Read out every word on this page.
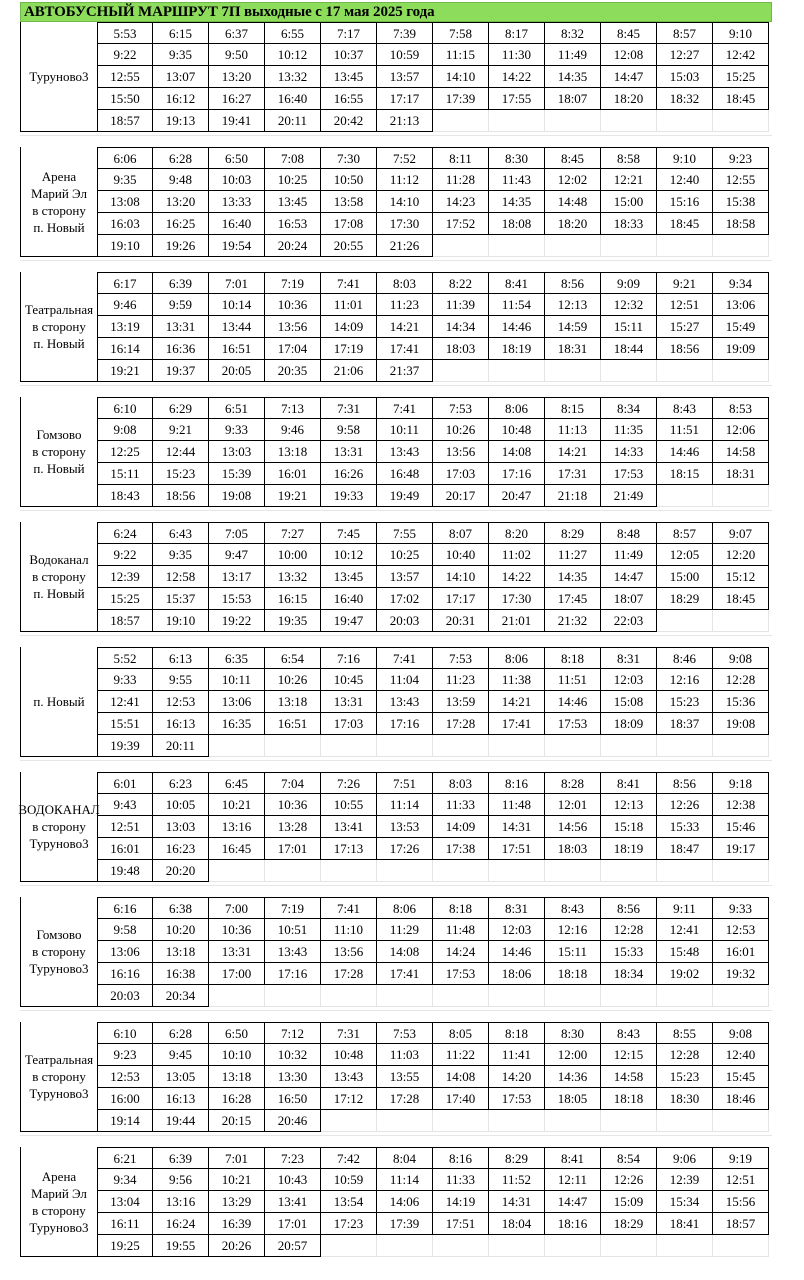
АВТОБУСНЫЙ МАРШРУТ 7П выходные с 17 мая 2025 года
Туруново3
5:53	6:15	6:37	6:55	7:17	7:39	7:58	8:17	8:32	8:45	8:57	9:10
9:22	9:35	9:50	10:12	10:37	10:59	11:15	11:30	11:49	12:08	12:27	12:42
12:55	13:07	13:20	13:32	13:45	13:57	14:10	14:22	14:35	14:47	15:03	15:25
15:50	16:12	16:27	16:40	16:55	17:17	17:39	17:55	18:07	18:20	18:32	18:45
18:57	19:13	19:41	20:11	20:42	21:13
Арена
Марий Эл
в сторону
п. Новый
6:06	6:28	6:50	7:08	7:30	7:52	8:11	8:30	8:45	8:58	9:10	9:23
9:35	9:48	10:03	10:25	10:50	11:12	11:28	11:43	12:02	12:21	12:40	12:55
13:08	13:20	13:33	13:45	13:58	14:10	14:23	14:35	14:48	15:00	15:16	15:38
16:03	16:25	16:40	16:53	17:08	17:30	17:52	18:08	18:20	18:33	18:45	18:58
19:10	19:26	19:54	20:24	20:55	21:26
Театральная
в сторону
п. Новый
6:17	6:39	7:01	7:19	7:41	8:03	8:22	8:41	8:56	9:09	9:21	9:34
9:46	9:59	10:14	10:36	11:01	11:23	11:39	11:54	12:13	12:32	12:51	13:06
13:19	13:31	13:44	13:56	14:09	14:21	14:34	14:46	14:59	15:11	15:27	15:49
16:14	16:36	16:51	17:04	17:19	17:41	18:03	18:19	18:31	18:44	18:56	19:09
19:21	19:37	20:05	20:35	21:06	21:37
Гомзово
в сторону
п. Новый
6:10	6:29	6:51	7:13	7:31	7:41	7:53	8:06	8:15	8:34	8:43	8:53
9:08	9:21	9:33	9:46	9:58	10:11	10:26	10:48	11:13	11:35	11:51	12:06
12:25	12:44	13:03	13:18	13:31	13:43	13:56	14:08	14:21	14:33	14:46	14:58
15:11	15:23	15:39	16:01	16:26	16:48	17:03	17:16	17:31	17:53	18:15	18:31
18:43	18:56	19:08	19:21	19:33	19:49	20:17	20:47	21:18	21:49
Водоканал
в сторону
п. Новый
6:24	6:43	7:05	7:27	7:45	7:55	8:07	8:20	8:29	8:48	8:57	9:07
9:22	9:35	9:47	10:00	10:12	10:25	10:40	11:02	11:27	11:49	12:05	12:20
12:39	12:58	13:17	13:32	13:45	13:57	14:10	14:22	14:35	14:47	15:00	15:12
15:25	15:37	15:53	16:15	16:40	17:02	17:17	17:30	17:45	18:07	18:29	18:45
18:57	19:10	19:22	19:35	19:47	20:03	20:31	21:01	21:32	22:03
п. Новый
5:52	6:13	6:35	6:54	7:16	7:41	7:53	8:06	8:18	8:31	8:46	9:08
9:33	9:55	10:11	10:26	10:45	11:04	11:23	11:38	11:51	12:03	12:16	12:28
12:41	12:53	13:06	13:18	13:31	13:43	13:59	14:21	14:46	15:08	15:23	15:36
15:51	16:13	16:35	16:51	17:03	17:16	17:28	17:41	17:53	18:09	18:37	19:08
19:39	20:11
ВОДОКАНАЛ
в сторону
Туруново3
6:01	6:23	6:45	7:04	7:26	7:51	8:03	8:16	8:28	8:41	8:56	9:18
9:43	10:05	10:21	10:36	10:55	11:14	11:33	11:48	12:01	12:13	12:26	12:38
12:51	13:03	13:16	13:28	13:41	13:53	14:09	14:31	14:56	15:18	15:33	15:46
16:01	16:23	16:45	17:01	17:13	17:26	17:38	17:51	18:03	18:19	18:47	19:17
19:48	20:20
Гомзово
в сторону
Туруново3
6:16	6:38	7:00	7:19	7:41	8:06	8:18	8:31	8:43	8:56	9:11	9:33
9:58	10:20	10:36	10:51	11:10	11:29	11:48	12:03	12:16	12:28	12:41	12:53
13:06	13:18	13:31	13:43	13:56	14:08	14:24	14:46	15:11	15:33	15:48	16:01
16:16	16:38	17:00	17:16	17:28	17:41	17:53	18:06	18:18	18:34	19:02	19:32
20:03	20:34
Театральная
в сторону
Туруново3
6:10	6:28	6:50	7:12	7:31	7:53	8:05	8:18	8:30	8:43	8:55	9:08
9:23	9:45	10:10	10:32	10:48	11:03	11:22	11:41	12:00	12:15	12:28	12:40
12:53	13:05	13:18	13:30	13:43	13:55	14:08	14:20	14:36	14:58	15:23	15:45
16:00	16:13	16:28	16:50	17:12	17:28	17:40	17:53	18:05	18:18	18:30	18:46
19:14	19:44	20:15	20:46
Арена
Марий Эл
в сторону
Туруново3
6:21	6:39	7:01	7:23	7:42	8:04	8:16	8:29	8:41	8:54	9:06	9:19
9:34	9:56	10:21	10:43	10:59	11:14	11:33	11:52	12:11	12:26	12:39	12:51
13:04	13:16	13:29	13:41	13:54	14:06	14:19	14:31	14:47	15:09	15:34	15:56
16:11	16:24	16:39	17:01	17:23	17:39	17:51	18:04	18:16	18:29	18:41	18:57
19:25	19:55	20:26	20:57
